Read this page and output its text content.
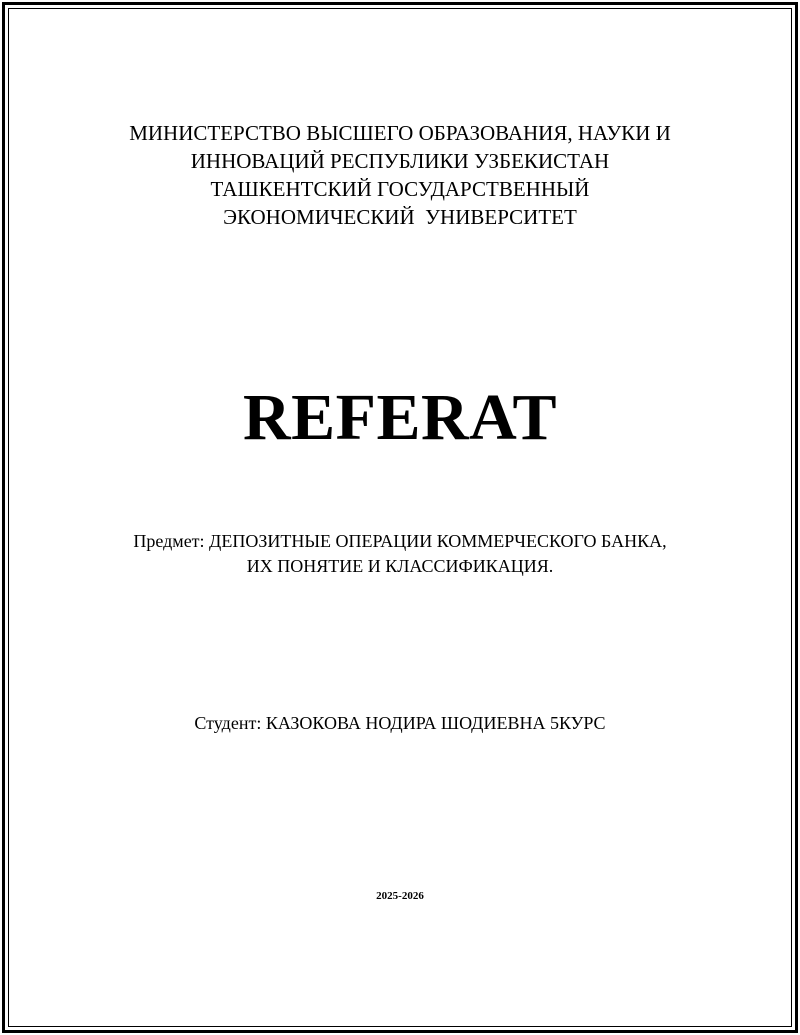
МИНИСТЕРСТВО ВЫСШЕГО ОБРАЗОВАНИЯ, НАУКИ И
ИННОВАЦИЙ РЕСПУБЛИКИ УЗБЕКИСТАН
ТАШКЕНТСКИЙ ГОСУДАРСТВЕННЫЙ
ЭКОНОМИЧЕСКИЙ  УНИВЕРСИТЕТ
REFERAT
Предмет: ДЕПОЗИТНЫЕ ОПЕРАЦИИ КОММЕРЧЕСКОГО БАНКА,
ИХ ПОНЯТИЕ И КЛАССИФИКАЦИЯ.
Студент: КАЗОКОВА НОДИРА ШОДИЕВНА 5КУРС
2025-2026
